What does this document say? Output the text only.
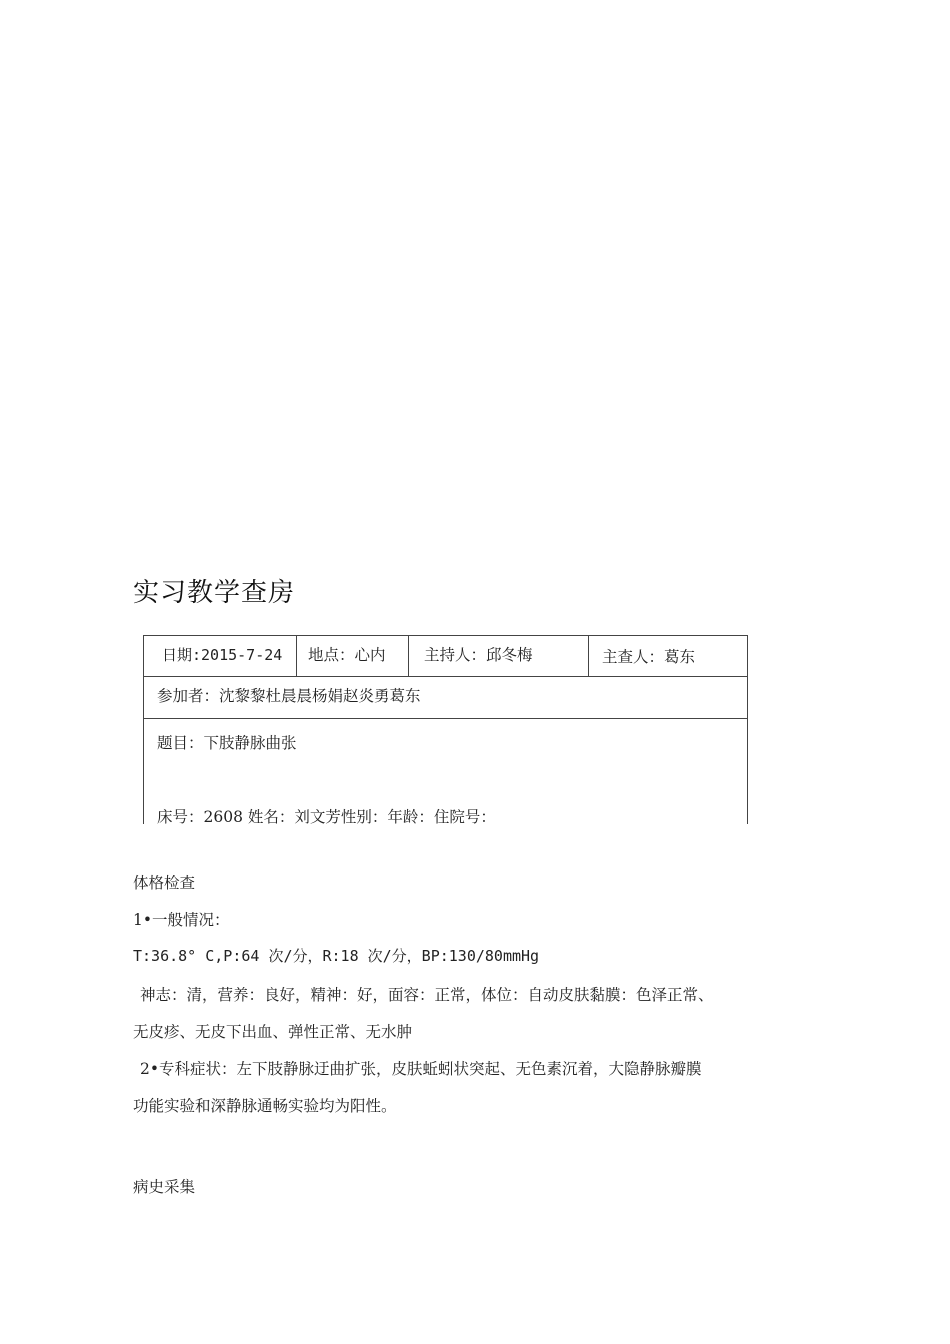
实习教学查房
日期:2015-7-24	地点：心内 主持人：邱冬梅	主查人：葛东
参加者：沈黎黎杜晨晨杨娟赵炎勇葛东
题目：下肢静脉曲张
床号：2608 姓名：刘文芳性别：年龄：住院号：

体格检查

1•一般情况：

T:36.8° C,P:64 次/分，R:18 次/分，BP:130/80mmHg

神志：清，营养：良好，精神：好，面容：正常，体位：自动皮肤黏膜：色泽正常、

无皮疹、无皮下出血、弹性正常、无水肿

2•专科症状：左下肢静脉迂曲扩张，皮肤蚯蚓状突起、无色素沉着，大隐静脉瓣膜

功能实验和深静脉通畅实验均为阳性。

病史采集
